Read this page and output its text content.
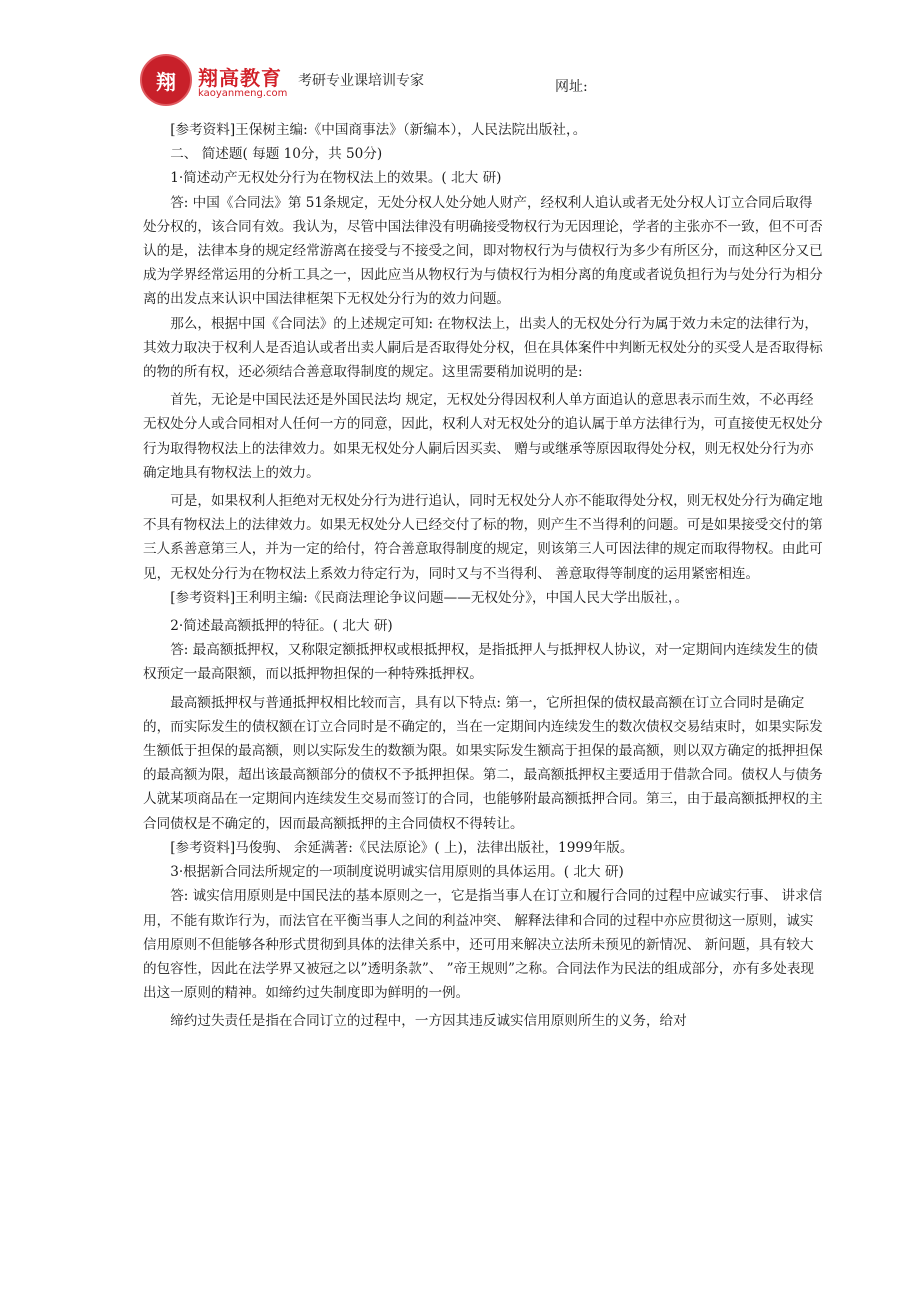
翔 翔高教育
kaoyanmeng.com
考研专业课培训专家	网址:

[参考资料]王保树主编:《中国商事法》（新编本），人民法院出版社，。

二、 简述题( 每题 10分，共 50分)

1·简述动产无权处分行为在物权法上的效果。( 北大 研)

答: 中国《合同法》第 51条规定，无处分权人处分她人财产，经权利人追认或者无处分权人订立合同后取得处分权的，该合同有效。我认为，尽管中国法律没有明确接受物权行为无因理论，学者的主张亦不一致，但不可否认的是，法律本身的规定经常游离在接受与不接受之间，即对物权行为与债权行为多少有所区分，而这种区分又已成为学界经常运用的分析工具之一，因此应当从物权行为与债权行为相分离的角度或者说负担行为与处分行为相分离的出发点来认识中国法律框架下无权处分行为的效力问题。

那么，根据中国《合同法》的上述规定可知: 在物权法上，出卖人的无权处分行为属于效力未定的法律行为，其效力取决于权利人是否追认或者出卖人嗣后是否取得处分权，但在具体案件中判断无权处分的买受人是否取得标的物的所有权，还必须结合善意取得制度的规定。这里需要稍加说明的是:

首先，无论是中国民法还是外国民法均 规定，无权处分得因权利人单方面追认的意思表示而生效，不必再经无权处分人或合同相对人任何一方的同意，因此，权利人对无权处分的追认属于单方法律行为，可直接使无权处分行为取得物权法上的法律效力。如果无权处分人嗣后因买卖、 赠与或继承等原因取得处分权，则无权处分行为亦确定地具有物权法上的效力。

可是，如果权利人拒绝对无权处分行为进行追认，同时无权处分人亦不能取得处分权，则无权处分行为确定地不具有物权法上的法律效力。如果无权处分人已经交付了标的物，则产生不当得利的问题。可是如果接受交付的第三人系善意第三人，并为一定的给付，符合善意取得制度的规定，则该第三人可因法律的规定而取得物权。由此可见，无权处分行为在物权法上系效力待定行为，同时又与不当得利、 善意取得等制度的运用紧密相连。

[参考资料]王利明主编:《民商法理论争议问题——无权处分》，中国人民大学出版社，。

2·简述最高额抵押的特征。( 北大 研)

答: 最高额抵押权，又称限定额抵押权或根抵押权，是指抵押人与抵押权人协议，对一定期间内连续发生的债权预定一最高限额，而以抵押物担保的一种特殊抵押权。

最高额抵押权与普通抵押权相比较而言，具有以下特点: 第一，它所担保的债权最高额在订立合同时是确定的，而实际发生的债权额在订立合同时是不确定的，当在一定期间内连续发生的数次债权交易结束时，如果实际发生额低于担保的最高额，则以实际发生的数额为限。如果实际发生额高于担保的最高额，则以双方确定的抵押担保的最高额为限，超出该最高额部分的债权不予抵押担保。第二，最高额抵押权主要适用于借款合同。债权人与债务人就某项商品在一定期间内连续发生交易而签订的合同，也能够附最高额抵押合同。第三，由于最高额抵押权的主合同债权是不确定的，因而最高额抵押的主合同债权不得转让。

[参考资料]马俊驹、 余延满著:《民法原论》( 上)，法律出版社，1999年版。

3·根据新合同法所规定的一项制度说明诚实信用原则的具体运用。( 北大 研)

答: 诚实信用原则是中国民法的基本原则之一，它是指当事人在订立和履行合同的过程中应诚实行事、 讲求信用，不能有欺诈行为，而法官在平衡当事人之间的利益冲突、 解释法律和合同的过程中亦应贯彻这一原则，诚实信用原则不但能够各种形式贯彻到具体的法律关系中，还可用来解决立法所未预见的新情况、 新问题，具有较大的包容性，因此在法学界又被冠之以”透明条款”、 ”帝王规则”之称。合同法作为民法的组成部分，亦有多处表现出这一原则的精神。如缔约过失制度即为鲜明的一例。

缔约过失责任是指在合同订立的过程中，一方因其违反诚实信用原则所生的义务，给对
